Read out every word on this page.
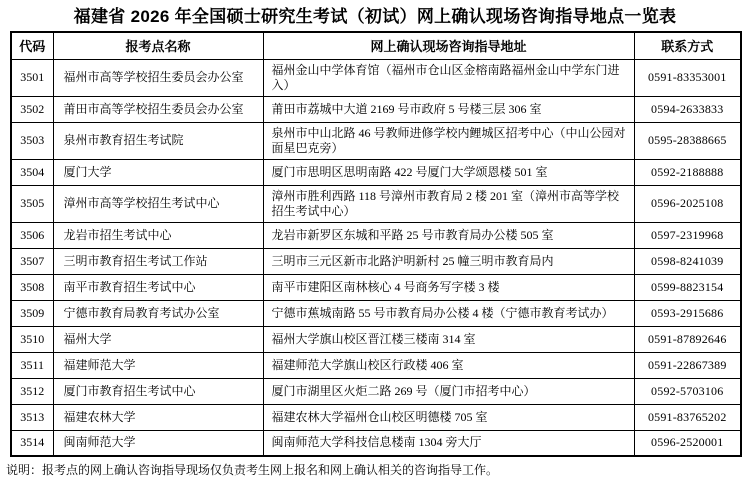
福建省 2026 年全国硕士研究生考试（初试）网上确认现场咨询指导地点一览表
代码	报考点名称	网上确认现场咨询指导地址	联系方式
3501	福州市高等学校招生委员会办公室	福州金山中学体育馆（福州市仓山区金榕南路福州金山中学东门进入）	0591-83353001
3502	莆田市高等学校招生委员会办公室	莆田市荔城中大道 2169 号市政府 5 号楼三层 306 室	0594-2633833
3503	泉州市教育招生考试院	泉州市中山北路 46 号教师进修学校内鲤城区招考中心（中山公园对面星巴克旁）	0595-28388665
3504	厦门大学	厦门市思明区思明南路 422 号厦门大学颂恩楼 501 室	0592-2188888
3505	漳州市高等学校招生考试中心	漳州市胜利西路 118 号漳州市教育局 2 楼 201 室（漳州市高等学校招生考试中心）	0596-2025108
3506	龙岩市招生考试中心	龙岩市新罗区东城和平路 25 号市教育局办公楼 505 室	0597-2319968
3507	三明市教育招生考试工作站	三明市三元区新市北路沪明新村 25 幢三明市教育局内	0598-8241039
3508	南平市教育招生考试中心	南平市建阳区南林核心 4 号商务写字楼 3 楼	0599-8823154
3509	宁德市教育局教育考试办公室	宁德市蕉城南路 55 号市教育局办公楼 4 楼（宁德市教育考试办）	0593-2915686
3510	福州大学	福州大学旗山校区晋江楼三楼南 314 室	0591-87892646
3511	福建师范大学	福建师范大学旗山校区行政楼 406 室	0591-22867389
3512	厦门市教育招生考试中心	厦门市湖里区火炬二路 269 号（厦门市招考中心）	0592-5703106
3513	福建农林大学	福建农林大学福州仓山校区明德楼 705 室	0591-83765202
3514	闽南师范大学	闽南师范大学科技信息楼南 1304 旁大厅	0596-2520001
说明：报考点的网上确认咨询指导现场仅负责考生网上报名和网上确认相关的咨询指导工作。
